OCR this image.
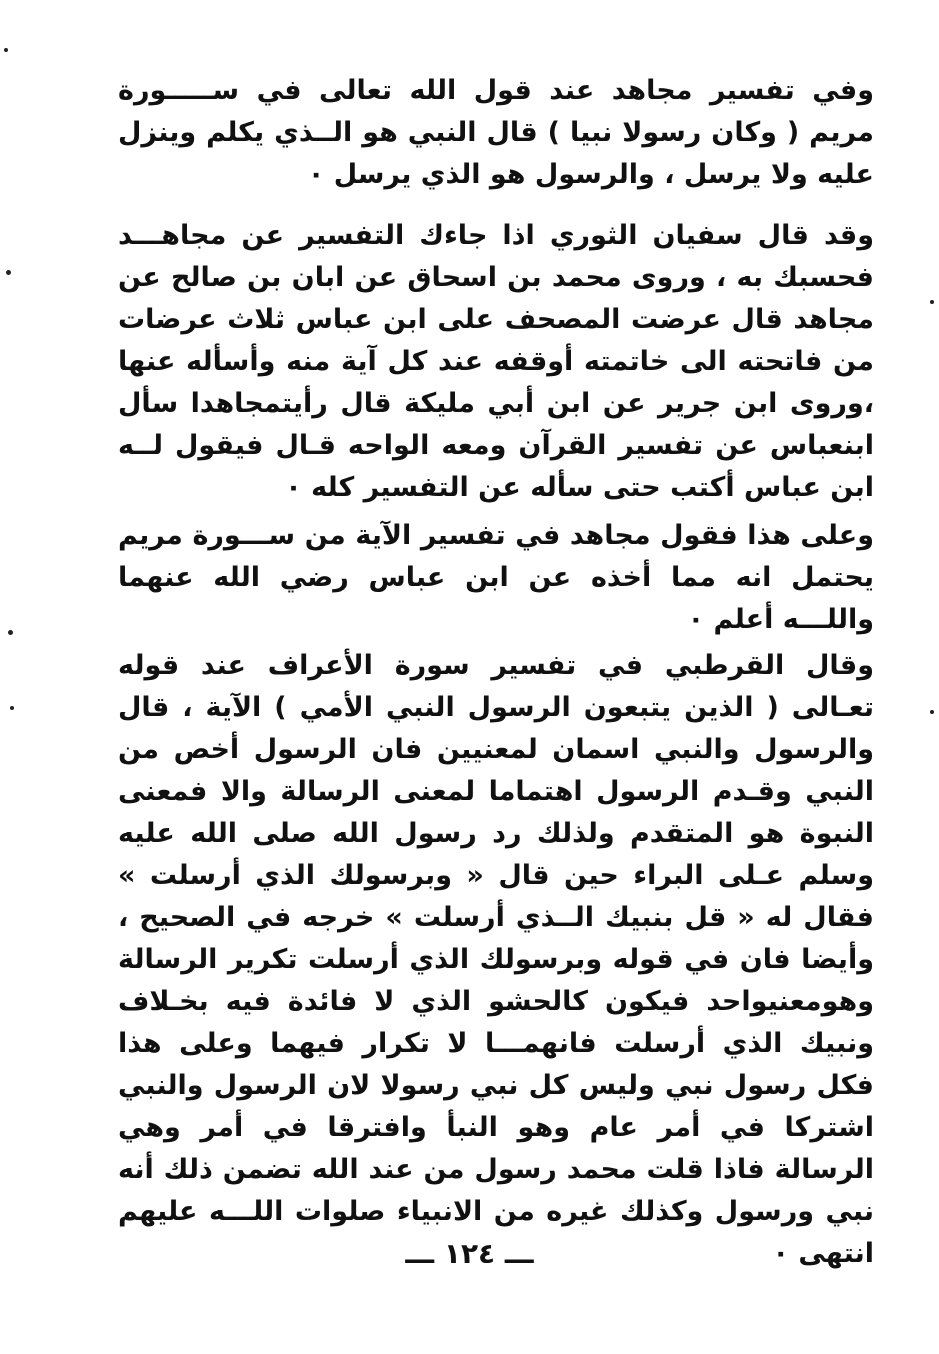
وفي تفسير مجاهد عند قول الله تعالى في ســـــورة مريم ( وكان رسولا نبيا ) قال النبي هو الــذي يكلم وينزل عليه ولا يرسل ، والرسول هو الذي يرسل ٠

وقد قال سفيان الثوري اذا جاءك التفسير عن مجاهـــد فحسبك به ، وروى محمد بن اسحاق عن ابان بن صالح عن مجاهد قال عرضت المصحف على ابن عباس ثلاث عرضات من فاتحته الى خاتمته أوقفه عند كل آية منه وأسأله عنها ،وروى ابن جرير عن ابن أبي مليكة قال رأيتمجاهدا سأل ابنعباس عن تفسير القرآن ومعه الواحه قـال فيقول لــه ابن عباس أكتب حتى سأله عن التفسير كله ٠

وعلى هذا فقول مجاهد في تفسير الآية من ســـورة مريم يحتمل انه مما أخذه عن ابن عباس رضي الله عنهما واللـــه أعلم ٠

وقال القرطبي في تفسير سورة الأعراف عند قوله تعـالى ( الذين يتبعون الرسول النبي الأمي ) الآية ، قال والرسول والنبي اسمان لمعنيين فان الرسول أخص من النبي وقـدم الرسول اهتماما لمعنى الرسالة والا فمعنى النبوة هو المتقدم ولذلك رد رسول الله صلى الله عليه وسلم عـلى البراء حين قال « وبرسولك الذي أرسلت » فقال له « قل بنبيك الــذي أرسلت » خرجه في الصحيح ، وأيضا فان في قوله وبرسولك الذي أرسلت تكرير الرسالة وهومعنيواحد فيكون كالحشو الذي لا فائدة فيه بخـلاف ونبيك الذي أرسلت فانهمـــا لا تكرار فيهما وعلى هذا فكل رسول نبي وليس كل نبي رسولا لان الرسول والنبي اشتركا في أمر عام وهو النبأ وافترقا في أمر وهي الرسالة فاذا قلت محمد رسول من عند الله تضمن ذلك أنه نبي ورسول وكذلك غيره من الانبياء صلوات اللـــه عليهم انتهى ٠

ـــ ١٢٤ ـــ
